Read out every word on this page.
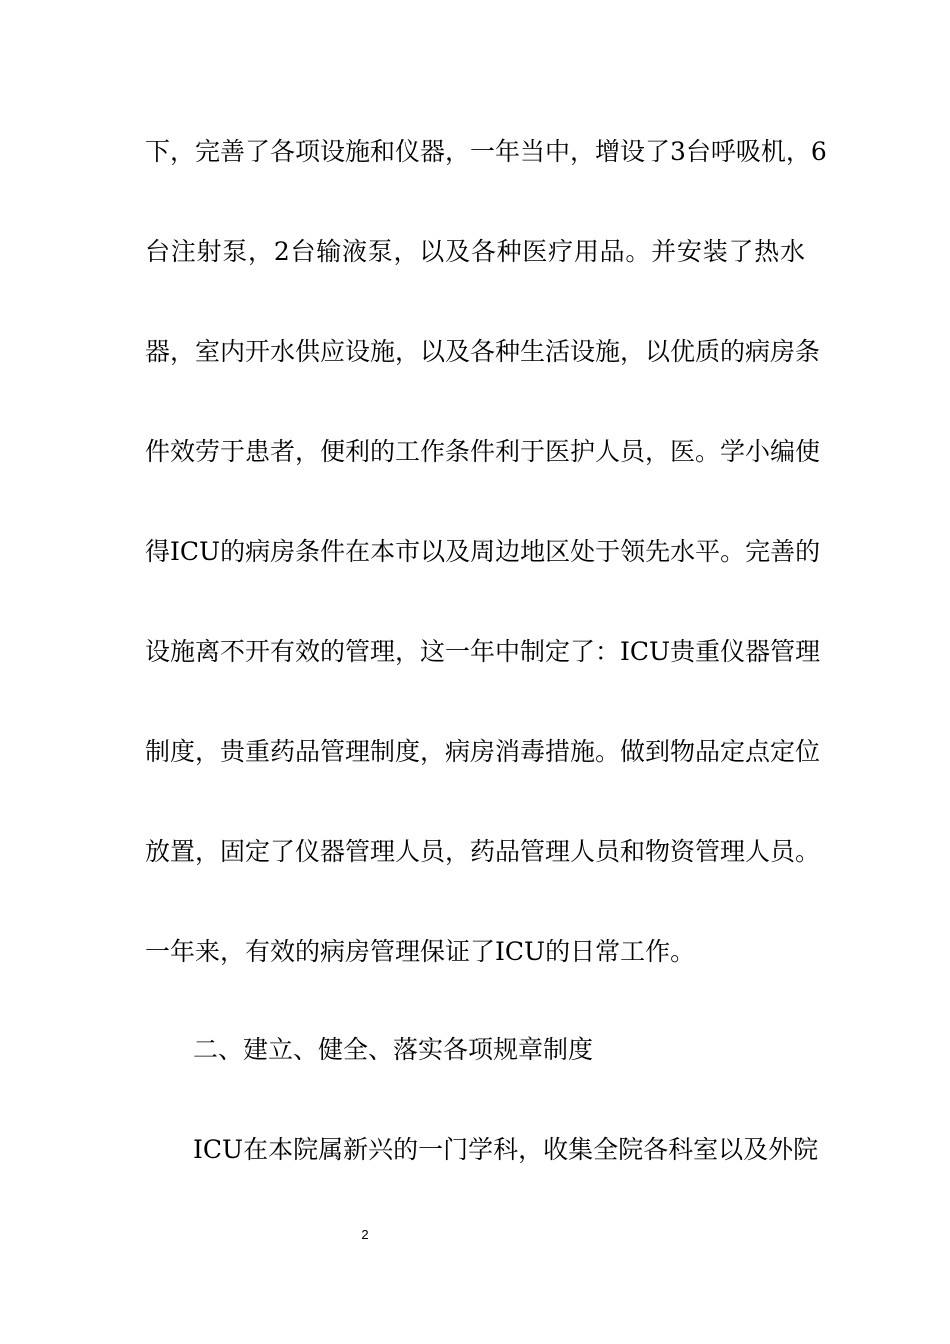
下，完善了各项设施和仪器，一年当中，增设了3台呼吸机，6
台注射泵，2台输液泵，以及各种医疗用品。并安装了热水
器，室内开水供应设施，以及各种生活设施，以优质的病房条
件效劳于患者，便利的工作条件利于医护人员，医。学小编使
得ICU的病房条件在本市以及周边地区处于领先水平。完善的
设施离不开有效的管理，这一年中制定了：ICU贵重仪器管理
制度，贵重药品管理制度，病房消毒措施。做到物品定点定位
放置，固定了仪器管理人员，药品管理人员和物资管理人员。
一年来，有效的病房管理保证了ICU的日常工作。
二、建立、健全、落实各项规章制度
ICU在本院属新兴的一门学科，收集全院各科室以及外院
2
